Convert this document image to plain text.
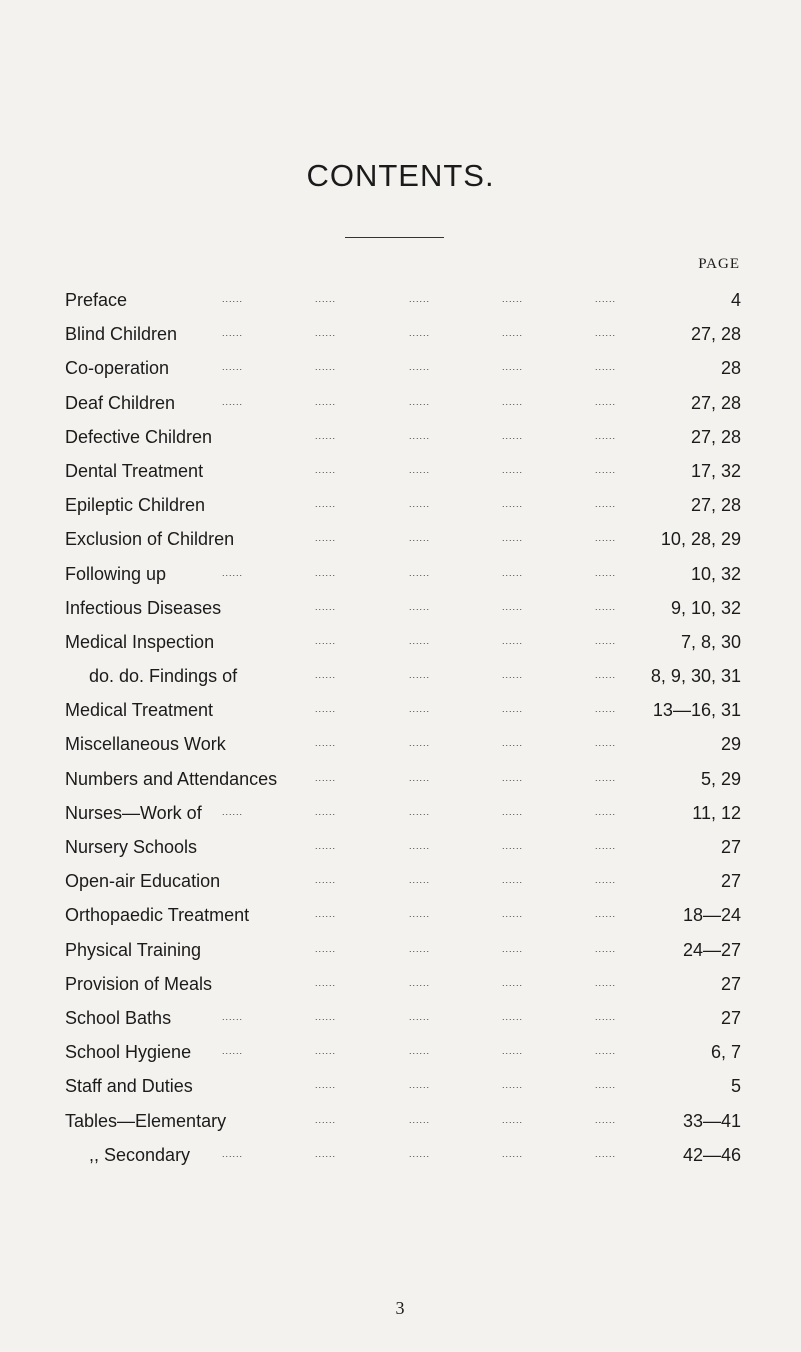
CONTENTS.
PAGE
Preface	......	......	......	......	......	4
Blind Children	......	......	......	......	......	27, 28
Co-operation	......	......	......	......	......	28
Deaf Children	......	......	......	......	......	27, 28
Defective Children	......	......	......	......	27, 28
Dental Treatment	......	......	......	......	17, 32
Epileptic Children	......	......	......	......	27, 28
Exclusion of Children	......	......	......	...... 10, 28, 29
Following up	......	......	......	......	......	10, 32
Infectious Diseases	......	......	......	......	9, 10, 32
Medical Inspection	......	......	......	......	7, 8, 30
do. do. Findings of	......	......	......	...... 8, 9, 30, 31
Medical Treatment	......	......	......	...... 13—16, 31
Miscellaneous Work	......	......	......	......	29
Numbers and Attendances	......	......	......	......	5, 29
Nurses—Work of ......	......	......	......	......	11, 12
Nursery Schools	......	......	......	......	27
Open-air Education	......	......	......	......	27
Orthopaedic Treatment	......	......	......	......	18—24
Physical Training	......	......	......	......	24—27
Provision of Meals	......	......	......	......	27
School Baths	......	......	......	......	......	27
School Hygiene	......	......	......	......	......	6, 7
Staff and Duties	......	......	......	......	5
Tables—Elementary	......	......	......	......	33—41
,, Secondary	......	......	......	......	......	42—46
3
